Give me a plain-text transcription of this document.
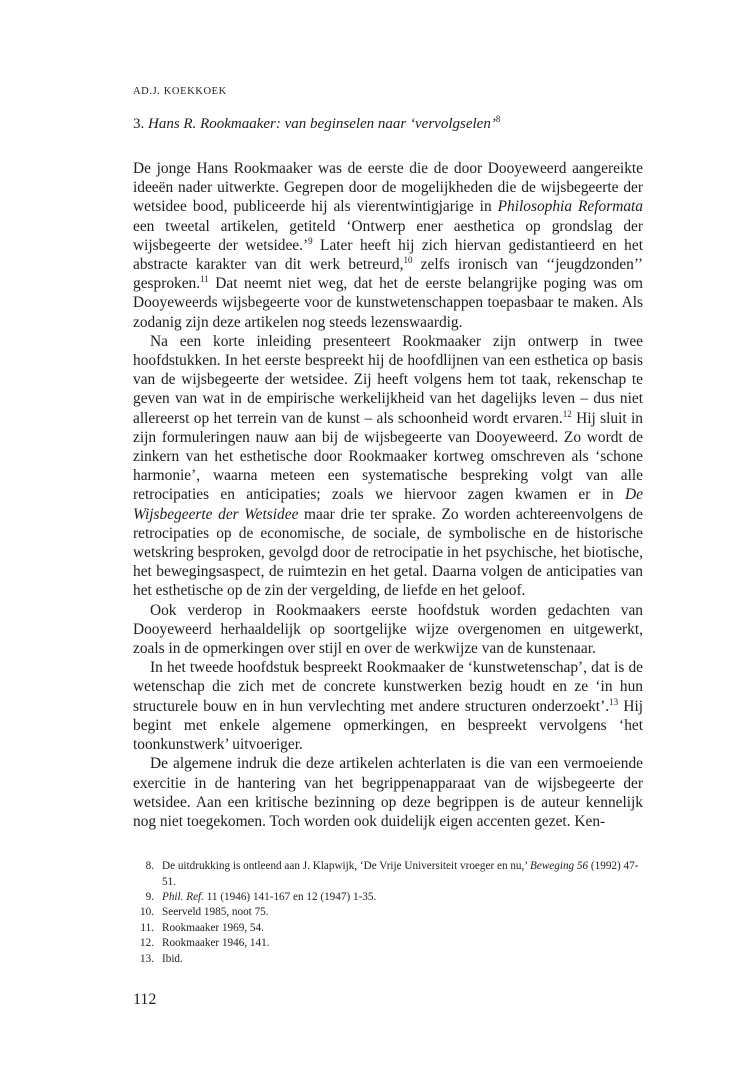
AD.J. KOEKKOEK
3. Hans R. Rookmaaker: van beginselen naar ‘vervolgselen’$^8$

De jonge Hans Rookmaaker was de eerste die de door Dooyeweerd aangereikte ideeën nader uitwerkte. Gegrepen door de mogelijkheden die de wijsbegeerte der wetsidee bood, publiceerde hij als vierentwintigjarige in Philosophia Reformata een tweetal artikelen, getiteld ‘Ontwerp ener aesthetica op grondslag der wijsbegeerte der wetsidee.’$^9$ Later heeft hij zich hiervan gedistantieerd en het abstracte karakter van dit werk betreurd,$^{10}$ zelfs ironisch van ‘‘jeugdzonden’’ gesproken.$^{11}$ Dat neemt niet weg, dat het de eerste belangrijke poging was om Dooyeweerds wijsbegeerte voor de kunstwetenschappen toepasbaar te maken. Als zodanig zijn deze artikelen nog steeds lezenswaardig.

Na een korte inleiding presenteert Rookmaaker zijn ontwerp in twee hoofdstukken. In het eerste bespreekt hij de hoofdlijnen van een esthetica op basis van de wijsbegeerte der wetsidee. Zij heeft volgens hem tot taak, rekenschap te geven van wat in de empirische werkelijkheid van het dagelijks leven – dus niet allereerst op het terrein van de kunst – als schoonheid wordt ervaren.$^{12}$ Hij sluit in zijn formuleringen nauw aan bij de wijsbegeerte van Dooyeweerd. Zo wordt de zinkern van het esthetische door Rookmaaker kortweg omschreven als ‘schone harmonie’, waarna meteen een systematische bespreking volgt van alle retrocipaties en anticipaties; zoals we hiervoor zagen kwamen er in De Wijsbegeerte der Wetsidee maar drie ter sprake. Zo worden achtereenvolgens de retrocipaties op de economische, de sociale, de symbolische en de historische wetskring besproken, gevolgd door de retrocipatie in het psychische, het biotische, het bewegingsaspect, de ruimtezin en het getal. Daarna volgen de anticipaties van het esthetische op de zin der vergelding, de liefde en het geloof.

Ook verderop in Rookmaakers eerste hoofdstuk worden gedachten van Dooyeweerd herhaaldelijk op soortgelijke wijze overgenomen en uitgewerkt, zoals in de opmerkingen over stijl en over de werkwijze van de kunstenaar.

In het tweede hoofdstuk bespreekt Rookmaaker de ‘kunstwetenschap’, dat is de wetenschap die zich met de concrete kunstwerken bezig houdt en ze ‘in hun structurele bouw en in hun vervlechting met andere structuren onderzoekt’.$^{13}$ Hij begint met enkele algemene opmerkingen, en bespreekt vervolgens ‘het toonkunstwerk’ uitvoeriger.

De algemene indruk die deze artikelen achterlaten is die van een vermoeiende exercitie in de hantering van het begrippenapparaat van de wijsbegeerte der wetsidee. Aan een kritische bezinning op deze begrippen is de auteur kennelijk nog niet toegekomen. Toch worden ook duidelijk eigen accenten gezet. Ken-

8. De uitdrukking is ontleend aan J. Klapwijk, ‘De Vrije Universiteit vroeger en nu,’ Beweging 56 (1992) 47-51.
9. Phil. Ref. 11 (1946) 141-167 en 12 (1947) 1-35.
10. Seerveld 1985, noot 75.
11. Rookmaaker 1969, 54.
12. Rookmaaker 1946, 141.
13. Ibid.
112
